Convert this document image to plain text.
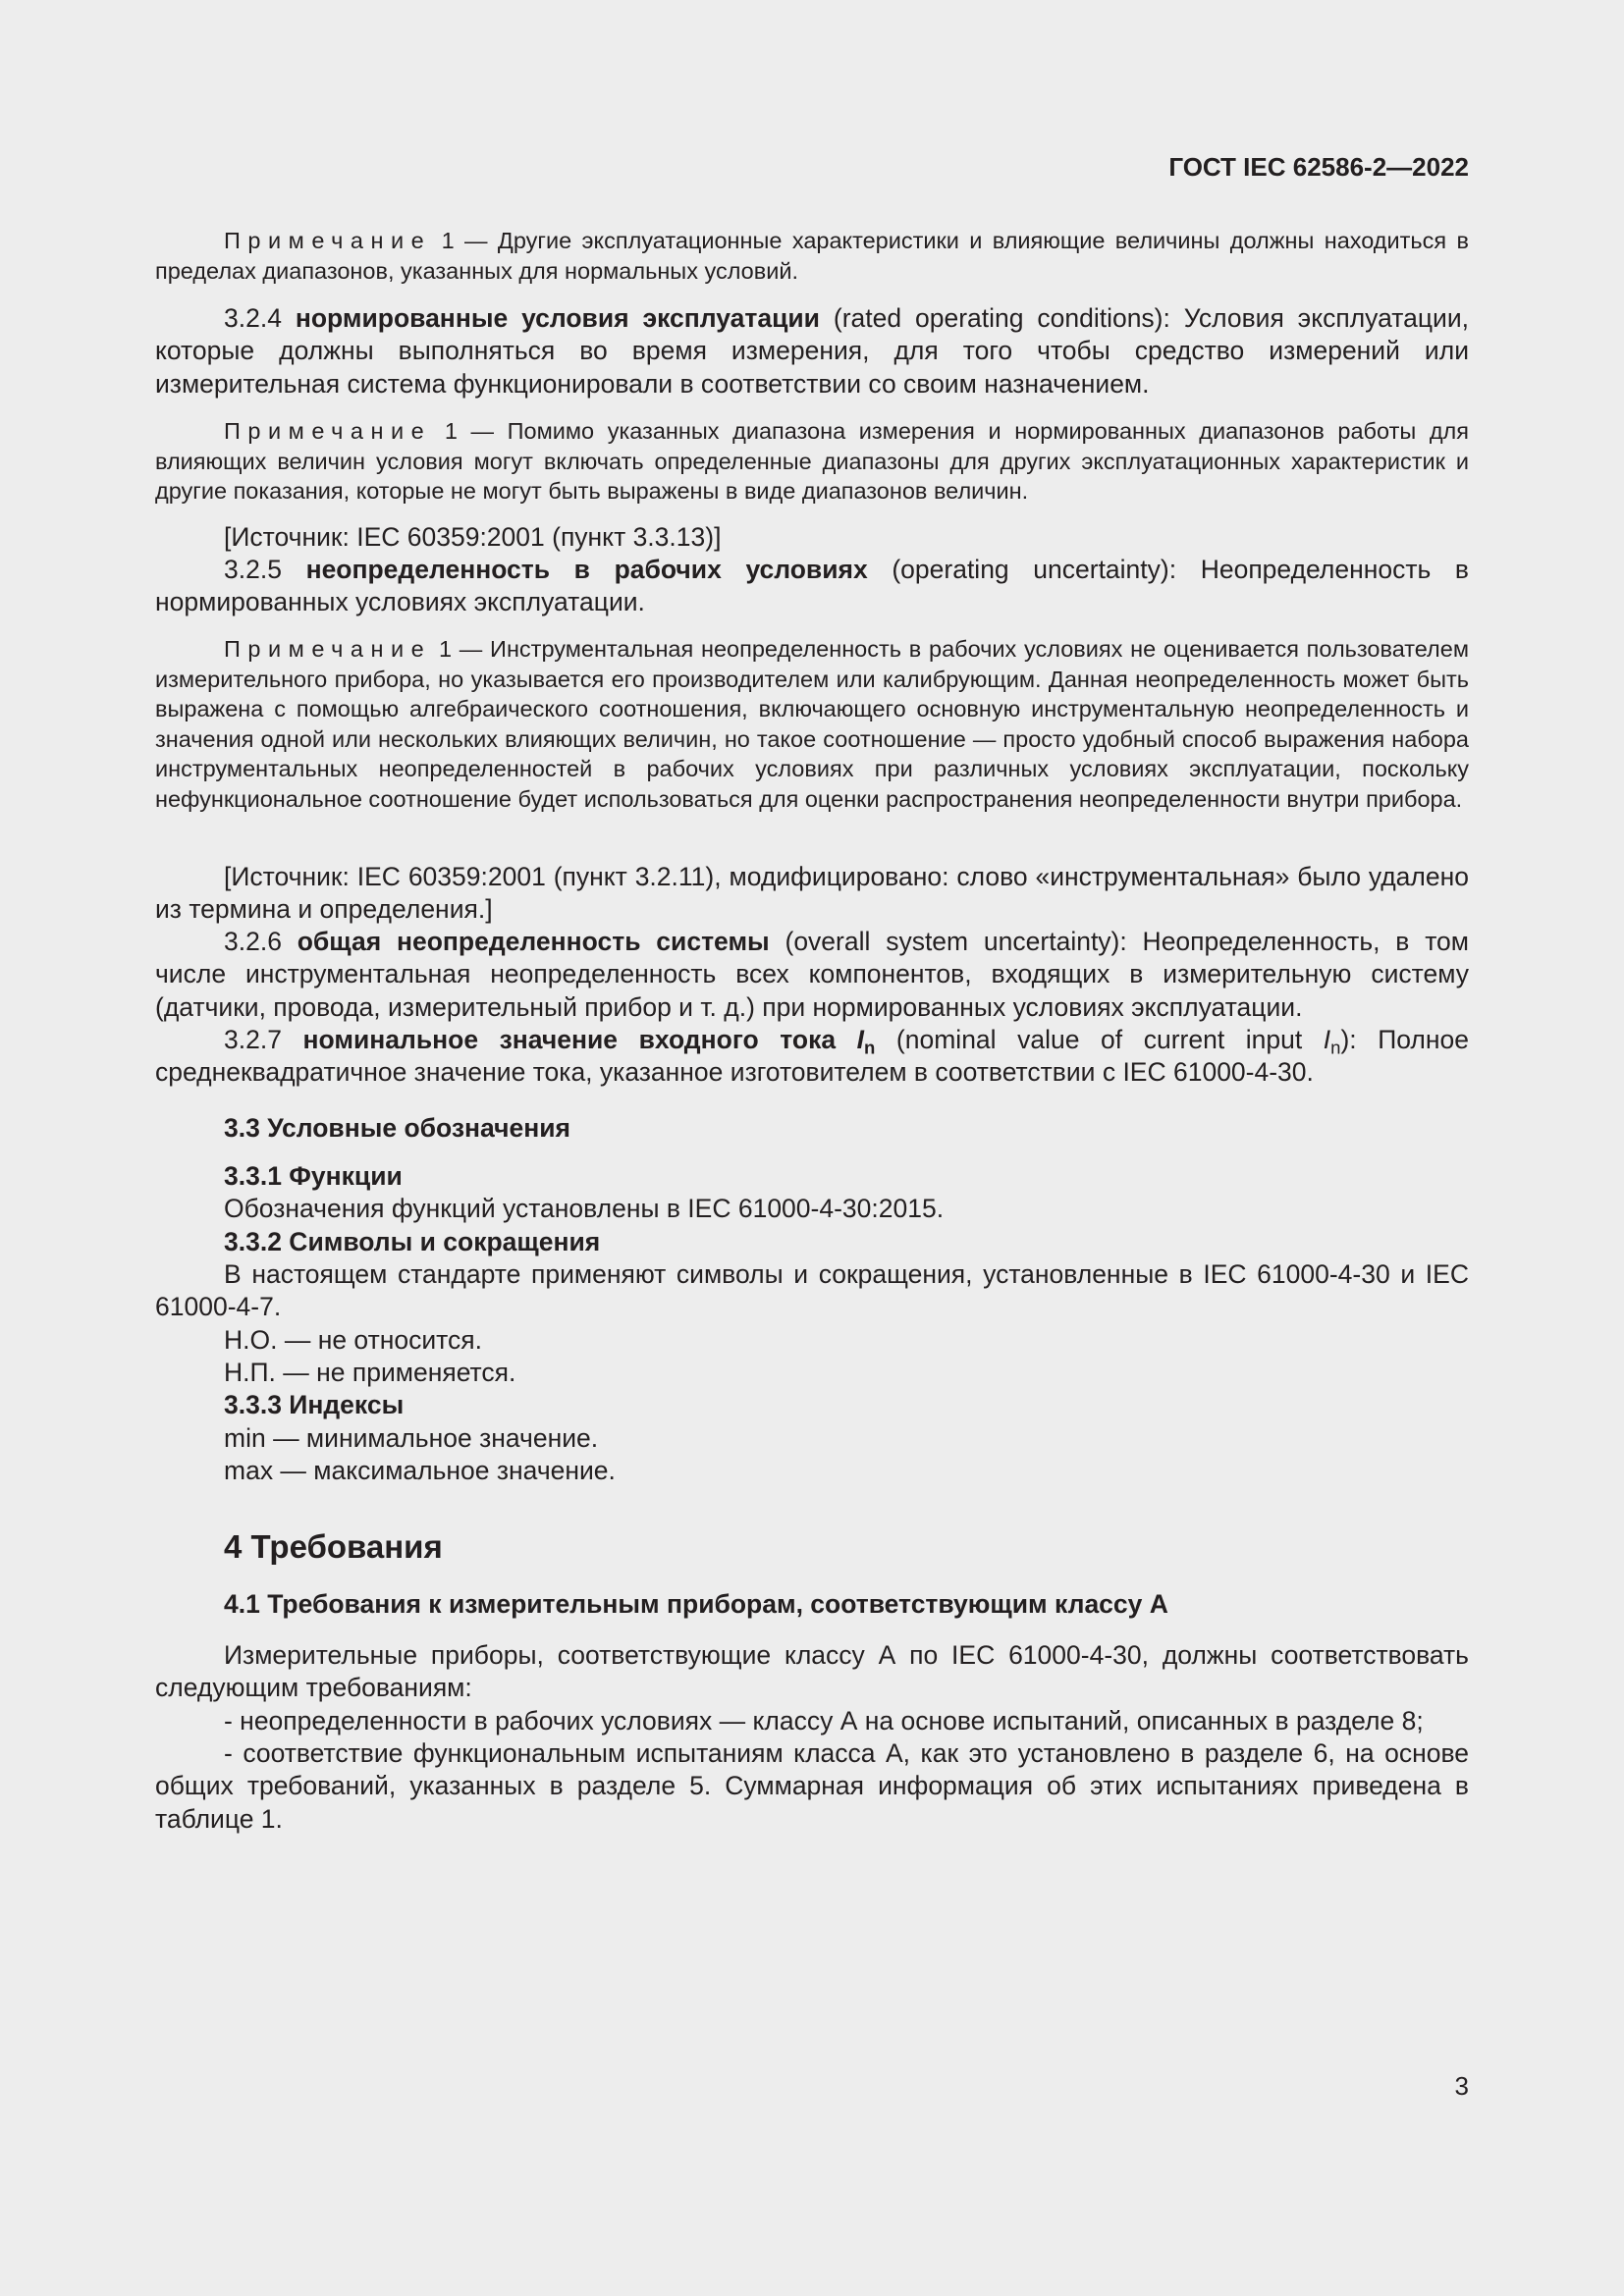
ГОСТ IEC 62586-2—2022

Примечание 1 — Другие эксплуатационные характеристики и влияющие величины должны находиться в пределах диапазонов, указанных для нормальных условий.

3.2.4 нормированные условия эксплуатации (rated operating conditions): Условия эксплуатации, которые должны выполняться во время измерения, для того чтобы средство измерений или измерительная система функционировали в соответствии со своим назначением.

Примечание 1 — Помимо указанных диапазона измерения и нормированных диапазонов работы для влияющих величин условия могут включать определенные диапазоны для других эксплуатационных характеристик и другие показания, которые не могут быть выражены в виде диапазонов величин.

[Источник: IEC 60359:2001 (пункт 3.3.13)]

3.2.5 неопределенность в рабочих условиях (operating uncertainty): Неопределенность в нормированных условиях эксплуатации.

Примечание 1 — Инструментальная неопределенность в рабочих условиях не оценивается пользователем измерительного прибора, но указывается его производителем или калибрующим. Данная неопределенность может быть выражена с помощью алгебраического соотношения, включающего основную инструментальную неопределенность и значения одной или нескольких влияющих величин, но такое соотношение — просто удобный способ выражения набора инструментальных неопределенностей в рабочих условиях при различных условиях эксплуатации, поскольку нефункциональное соотношение будет использоваться для оценки распространения неопределенности внутри прибора.

[Источник: IEC 60359:2001 (пункт 3.2.11), модифицировано: слово «инструментальная» было удалено из термина и определения.]

3.2.6 общая неопределенность системы (overall system uncertainty): Неопределенность, в том числе инструментальная неопределенность всех компонентов, входящих в измерительную систему (датчики, провода, измерительный прибор и т. д.) при нормированных условиях эксплуатации.

3.2.7 номинальное значение входного тока $I_n$ (nominal value of current input $I_n$): Полное среднеквадратичное значение тока, указанное изготовителем в соответствии с IEC 61000-4-30.

3.3 Условные обозначения

3.3.1 Функции

Обозначения функций установлены в IEC 61000-4-30:2015.

3.3.2 Символы и сокращения

В настоящем стандарте применяют символы и сокращения, установленные в IEC 61000-4-30 и IEC 61000-4-7.

Н.О. — не относится.

Н.П. — не применяется.

3.3.3 Индексы

min — минимальное значение.

max — максимальное значение.

4 Требования

4.1 Требования к измерительным приборам, соответствующим классу А

Измерительные приборы, соответствующие классу А по IEC 61000-4-30, должны соответствовать следующим требованиям:

- неопределенности в рабочих условиях — классу А на основе испытаний, описанных в разделе 8;

- соответствие функциональным испытаниям класса А, как это установлено в разделе 6, на основе общих требований, указанных в разделе 5. Суммарная информация об этих испытаниях приведена в таблице 1.

3
